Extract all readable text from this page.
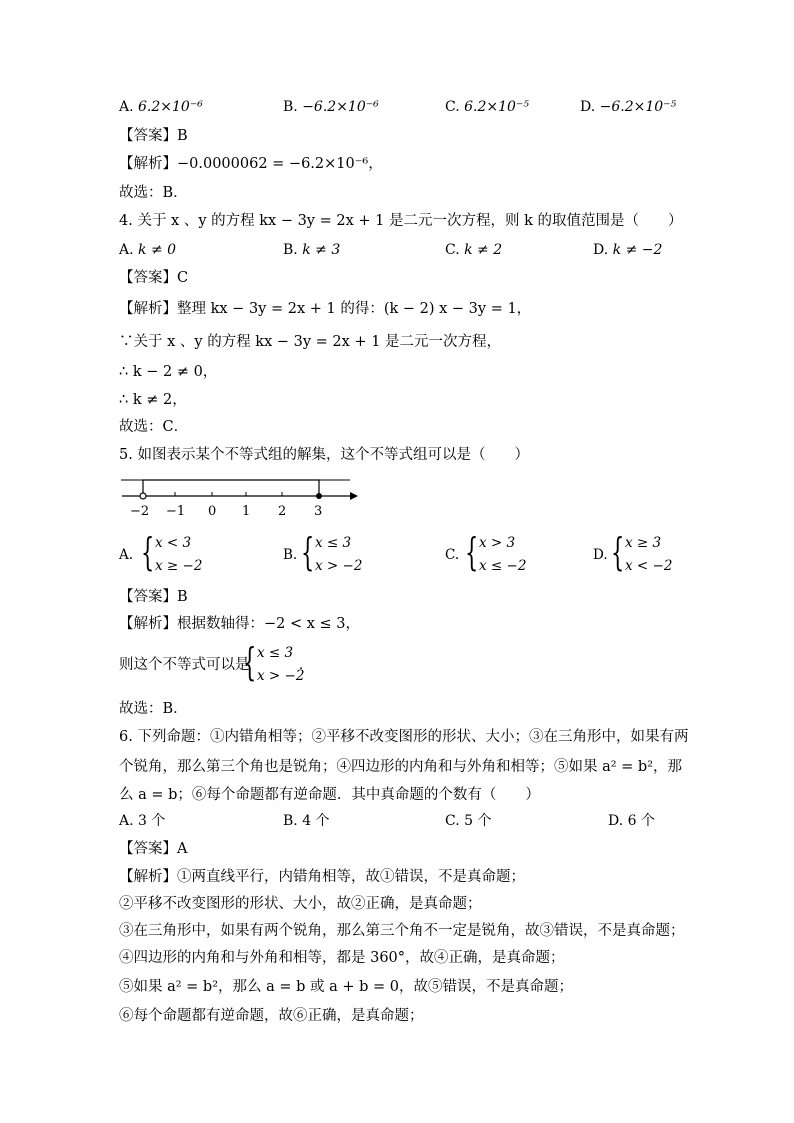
A. 6.2×10⁻⁶	B. −6.2×10⁻⁶	C. 6.2×10⁻⁵	D. −6.2×10⁻⁵
【答案】B
【解析】−0.0000062 = −6.2×10⁻⁶，
故选：B．
4. 关于 x 、y 的方程 kx − 3y = 2x + 1 是二元一次方程，则 k 的取值范围是（　　）
A. k ≠ 0	B. k ≠ 3	C. k ≠ 2	D. k ≠ −2
【答案】C
【解析】整理 kx − 3y = 2x + 1 的得：(k − 2) x − 3y = 1，
∵关于 x 、y 的方程 kx − 3y = 2x + 1 是二元一次方程，
∴ k − 2 ≠ 0，
∴ k ≠ 2，
故选：C．
5. 如图表示某个不等式组的解集，这个不等式组可以是（　　）
−2 −1 0 1 2 3
A. { x < 3
x ≥ −2
B. { x ≤ 3
x > −2
C. { x > 3
x ≤ −2
D. { x ≥ 3
x < −2
【答案】B
【解析】根据数轴得：−2 < x ≤ 3，
则这个不等式可以是
{ x ≤ 3
x > −2
．
故选：B．
6. 下列命题：①内错角相等；②平移不改变图形的形状、大小；③在三角形中，如果有两
个锐角，那么第三个角也是锐角；④四边形的内角和与外角和相等；⑤如果 a² = b²，那
么 a = b；⑥每个命题都有逆命题．其中真命题的个数有（　　）
A. 3 个	B. 4 个	C. 5 个	D. 6 个
【答案】A
【解析】①两直线平行，内错角相等，故①错误，不是真命题；
②平移不改变图形的形状、大小，故②正确，是真命题；
③在三角形中，如果有两个锐角，那么第三个角不一定是锐角，故③错误，不是真命题；
④四边形的内角和与外角和相等，都是 360°，故④正确，是真命题；
⑤如果 a² = b²，那么 a = b 或 a + b = 0，故⑤错误，不是真命题；
⑥每个命题都有逆命题，故⑥正确，是真命题；
